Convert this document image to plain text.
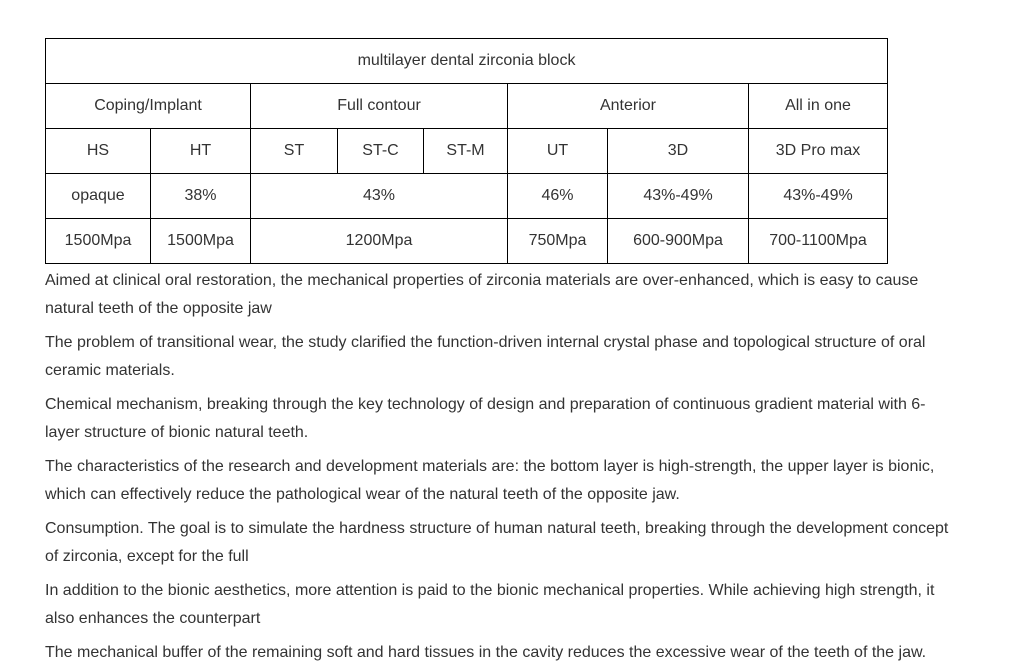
multilayer dental zirconia block							
Coping/Implant		Full contour			Anterior		All in one
HS	HT	ST	ST-C	ST-M	UT	3D	3D Pro max
opaque	38%	43%			46%	43%-49%	43%-49%
1500Mpa	1500Mpa	1200Mpa			750Mpa	600-900Mpa	700-1100Mpa

Aimed at clinical oral restoration, the mechanical properties of zirconia materials are over-enhanced, which is easy to cause natural teeth of the opposite jaw

The problem of transitional wear, the study clarified the function-driven internal crystal phase and topological structure of oral ceramic materials.

Chemical mechanism, breaking through the key technology of design and preparation of continuous gradient material with 6-layer structure of bionic natural teeth.

The characteristics of the research and development materials are: the bottom layer is high-strength, the upper layer is bionic, which can effectively reduce the pathological wear of the natural teeth of the opposite jaw.

Consumption. The goal is to simulate the hardness structure of human natural teeth, breaking through the development concept of zirconia, except for the full

In addition to the bionic aesthetics, more attention is paid to the bionic mechanical properties. While achieving high strength, it also enhances the counterpart

The mechanical buffer of the remaining soft and hard tissues in the cavity reduces the excessive wear of the teeth of the jaw.
